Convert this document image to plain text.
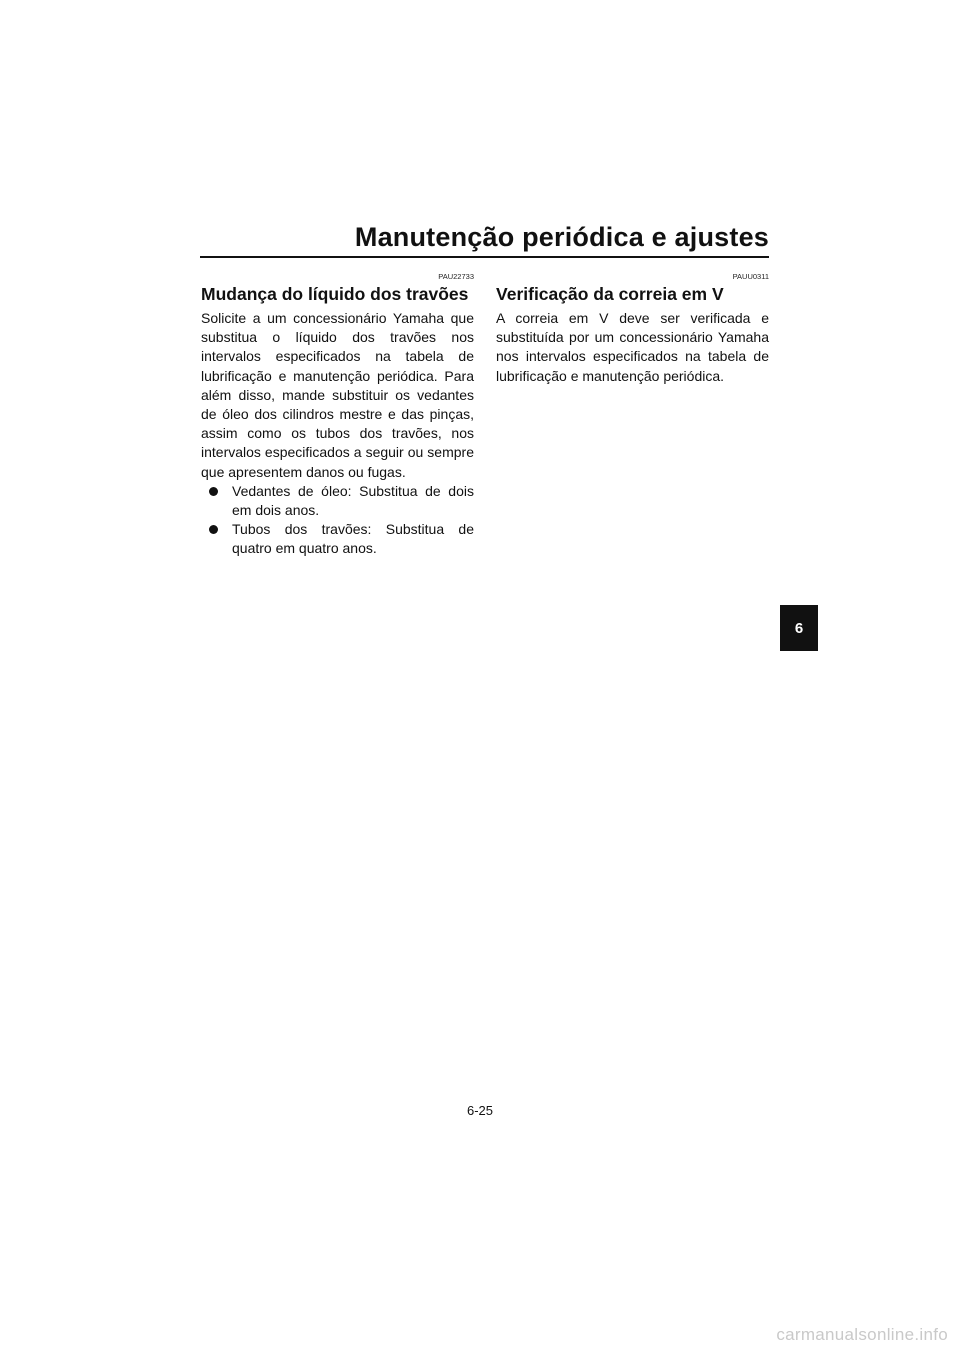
Manutenção periódica e ajustes
PAU22733
Mudança do líquido dos travões

Solicite a um concessionário Yamaha que substitua o líquido dos travões nos intervalos especificados na tabela de lubrificação e manutenção periódica. Para além disso, mande substituir os vedantes de óleo dos cilindros mestre e das pinças, assim como os tubos dos travões, nos intervalos especificados a seguir ou sempre que apresentem danos ou fugas.

Vedantes de óleo: Substitua de dois em dois anos.
Tubos dos travões: Substitua de quatro em quatro anos.
PAUU0311
Verificação da correia em V

A correia em V deve ser verificada e substituída por um concessionário Yamaha nos intervalos especificados na tabela de lubrificação e manutenção periódica.

6
6-25
carmanualsonline.info
